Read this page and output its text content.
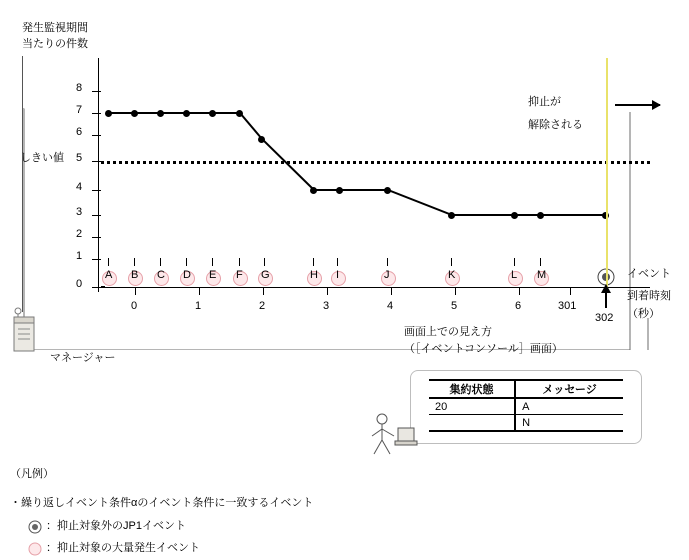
発生監視期間
当たりの件数
8
7
6
5
4
3
2
1
0
しきい値
0	1	2	3	4	5	6	301
302
A B C D E F G	H I	J	K	L M
抑止が
解除される
イベント
到着時刻
（秒）
マネージャー
画面上での見え方
（［イベントコンソール］画面）
集約状態	メッセージ
20	A
	N
（凡例）
・繰り返しイベント条件αのイベント条件に一致するイベント
：抑止対象外のJP1イベント
：抑止対象の大量発生イベント
